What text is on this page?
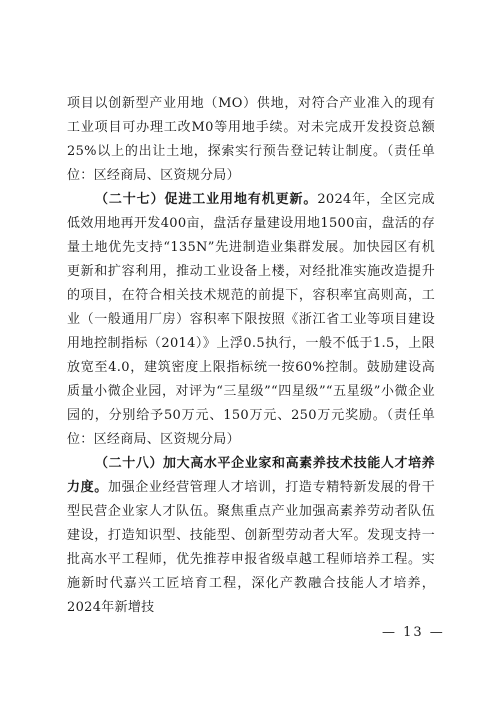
项目以创新型产业用地（MO）供地，对符合产业准入的现有工业项目可办理工改M0等用地手续。对未完成开发投资总额25%以上的出让土地，探索实行预告登记转让制度。（责任单位：区经商局、区资规分局）

（二十七）促进工业用地有机更新。2024年，全区完成低效用地再开发400亩，盘活存量建设用地1500亩，盘活的存量土地优先支持“135N”先进制造业集群发展。加快园区有机更新和扩容利用，推动工业设备上楼，对经批准实施改造提升的项目，在符合相关技术规范的前提下，容积率宜高则高，工业（一般通用厂房）容积率下限按照《浙江省工业等项目建设用地控制指标（2014）》上浮0.5执行，一般不低于1.5，上限放宽至4.0，建筑密度上限指标统一按60%控制。鼓励建设高质量小微企业园，对评为“三星级”“四星级”“五星级”小微企业园的，分别给予50万元、150万元、250万元奖励。（责任单位：区经商局、区资规分局）

（二十八）加大高水平企业家和高素养技术技能人才培养力度。加强企业经营管理人才培训，打造专精特新发展的骨干型民营企业家人才队伍。聚焦重点产业加强高素养劳动者队伍建设，打造知识型、技能型、创新型劳动者大军。发现支持一批高水平工程师，优先推荐申报省级卓越工程师培养工程。实施新时代嘉兴工匠培育工程，深化产教融合技能人才培养，2024年新增技

— 13 —
